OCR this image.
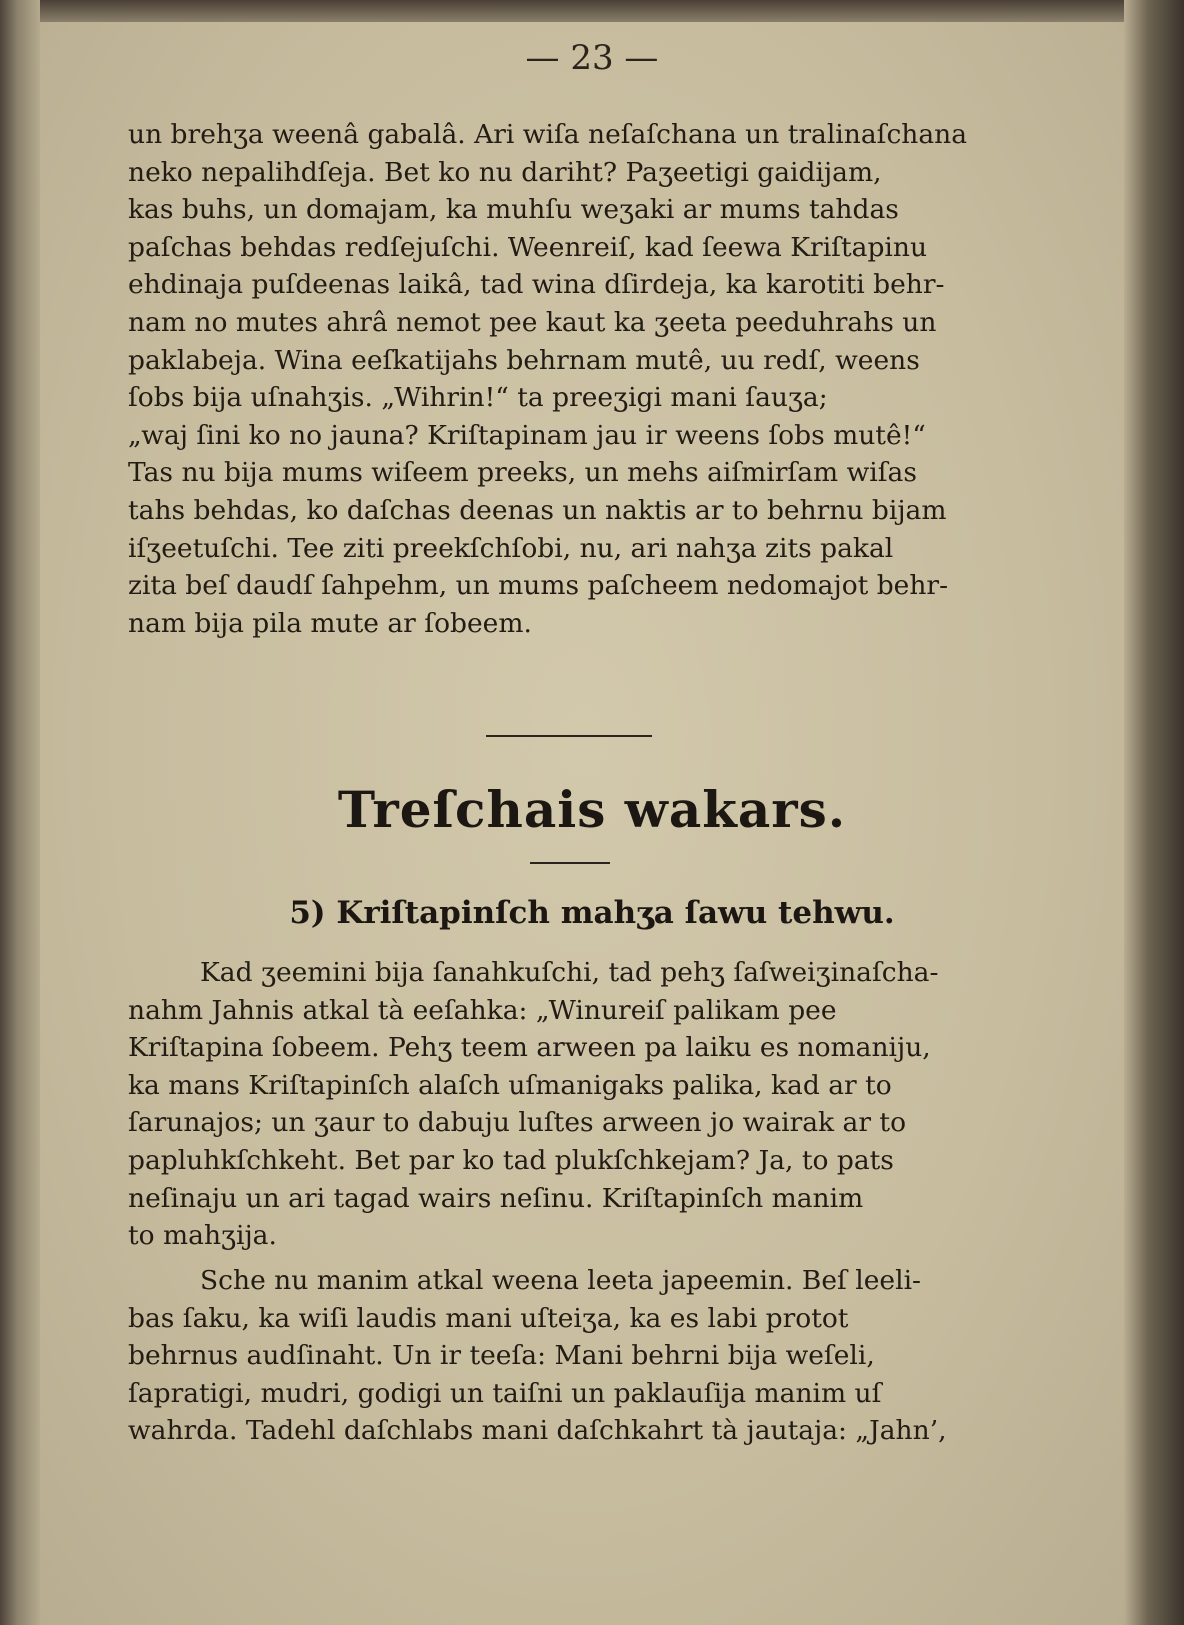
— 23 —
un brehʒa weenâ gabalâ. Ari wiſa neſaſchana un tralinaſchana
neko nepalihdſeja. Bet ko nu dariht? Paʒeetigi gaidijam,
kas buhs, un domajam, ka muhſu weʒaki ar mums tahdas
paſchas behdas redſejuſchi. Weenreiſ, kad ſeewa Kriſtapinu
ehdinaja puſdeenas laikâ, tad wina dſirdeja, ka karotiti behr-
nam no mutes ahrâ nemot pee kaut ka ʒeeta peeduhrahs un
paklabeja. Wina eeſkatijahs behrnam mutê, uu redſ, weens
ſobs bija uſnahʒis. „Wihrin!“ ta preeʒigi mani ſauʒa;
„waj ſini ko no jauna? Kriſtapinam jau ir weens ſobs mutê!“
Tas nu bija mums wiſeem preeks, un mehs aiſmirſam wiſas
tahs behdas, ko daſchas deenas un naktis ar to behrnu bijam
iſʒeetuſchi. Tee ziti preekſchſobi, nu, ari nahʒa zits pakal
zita beſ daudſ ſahpehm, un mums paſcheem nedomajot behr-
nam bija pila mute ar ſobeem.
Treſchais wakars.
5) Kriſtapinſch mahʒa ſawu tehwu.
Kad ʒeemini bija ſanahkuſchi, tad pehʒ ſaſweiʒinaſcha-
nahm Jahnis atkal tà eeſahka: „Winureiſ palikam pee
Kriſtapina ſobeem. Pehʒ teem arween pa laiku es nomaniju,
ka mans Kriſtapinſch alaſch uſmanigaks palika, kad ar to
ſarunajos; un ʒaur to dabuju luſtes arween jo wairak ar to
papluhkſchkeht. Bet par ko tad plukſchkejam? Ja, to pats
neſinaju un ari tagad wairs neſinu. Kriſtapinſch manim
to mahʒija.
Sche nu manim atkal weena leeta japeemin. Beſ leeli-
bas ſaku, ka wiſi laudis mani uſteiʒa, ka es labi protot
behrnus audſinaht. Un ir teeſa: Mani behrni bija weſeli,
ſapratigi, mudri, godigi un taiſni un paklauſija manim uſ
wahrda. Tadehl daſchlabs mani daſchkahrt tà jautaja: „Jahn’,
